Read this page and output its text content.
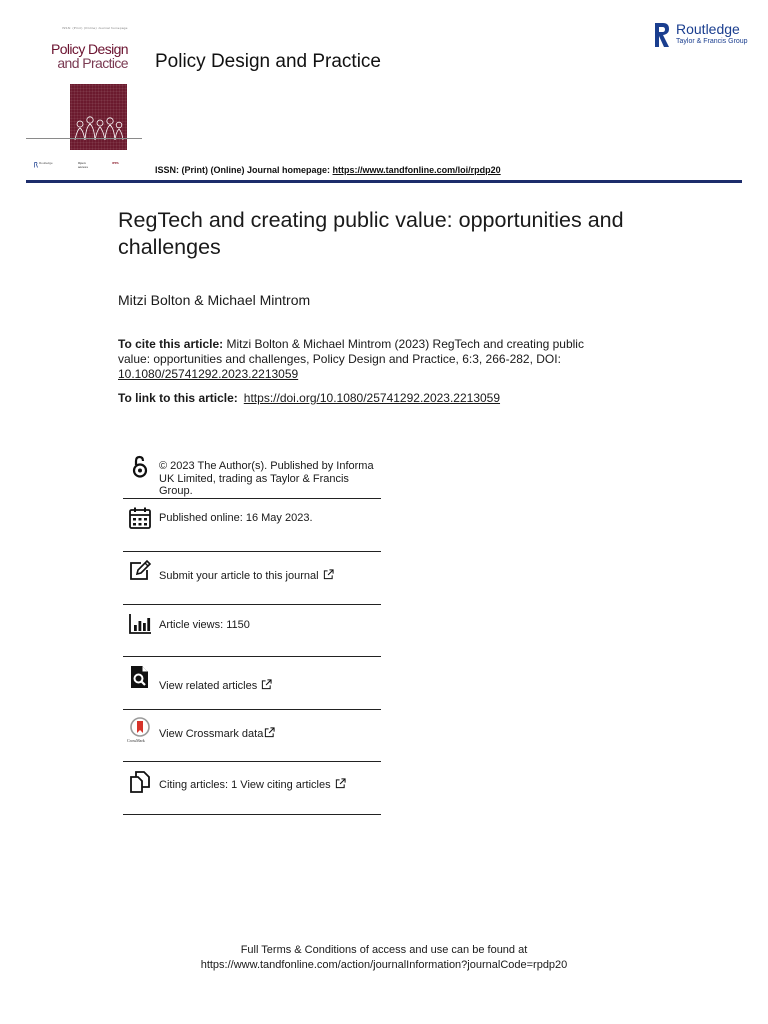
ISSN: (Print) (Online) Journal homepage
Policy Design
and Practice
Routledge	Open
access
IPPA
Policy Design and Practice
Routledge
Taylor & Francis Group
ISSN: (Print) (Online) Journal homepage: https://www.tandfonline.com/loi/rpdp20
RegTech and creating public value: opportunities and challenges
Mitzi Bolton & Michael Mintrom

To cite this article: Mitzi Bolton & Michael Mintrom (2023) RegTech and creating public value: opportunities and challenges, Policy Design and Practice, 6:3, 266-282, DOI: 10.1080/25741292.2023.2213059

To link to this article: https://doi.org/10.1080/25741292.2023.2213059
© 2023 The Author(s). Published by Informa UK Limited, trading as Taylor & Francis Group.
Published online: 16 May 2023.
Submit your article to this journal
Article views: 1150
View related articles
CrossMark
View Crossmark data
Citing articles: 1 View citing articles
Full Terms & Conditions of access and use can be found at
https://www.tandfonline.com/action/journalInformation?journalCode=rpdp20
